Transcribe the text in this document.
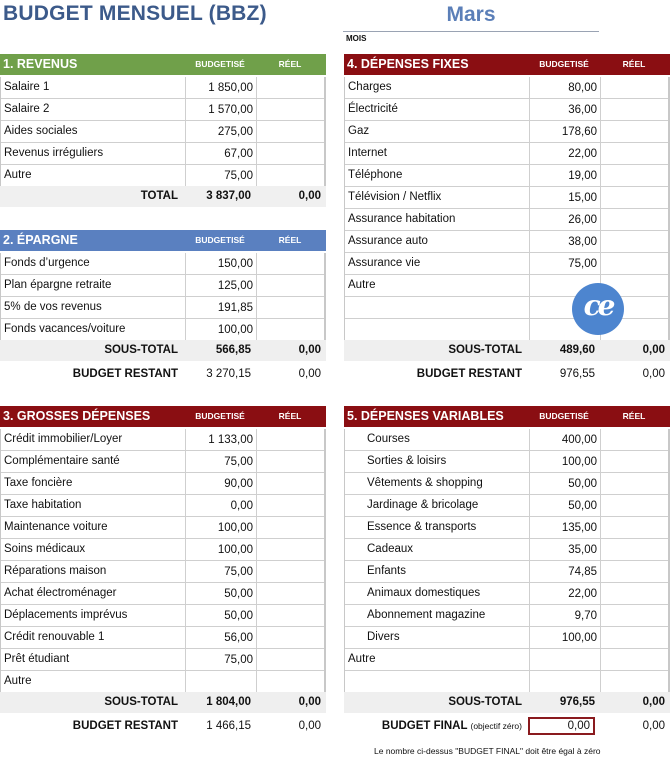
BUDGET MENSUEL (BBZ)	Mars
MOIS
1. REVENUS	BUDGETISÉ	RÉEL
Salaire 1	1 850,00
Salaire 2	1 570,00
Aides sociales	275,00
Revenus irréguliers	67,00
Autre	75,00
TOTAL	3 837,00	0,00
2. ÉPARGNE	BUDGETISÉ	RÉEL
Fonds d’urgence	150,00
Plan épargne retraite	125,00
5% de vos revenus	191,85
Fonds vacances/voiture	100,00
SOUS-TOTAL	566,85	0,00
BUDGET RESTANT	3 270,15	0,00
3. GROSSES DÉPENSES	BUDGETISÉ	RÉEL
Crédit immobilier/Loyer	1 133,00
Complémentaire santé	75,00
Taxe foncière	90,00
Taxe habitation	0,00
Maintenance voiture	100,00
Soins médicaux	100,00
Réparations maison	75,00
Achat électroménager	50,00
Déplacements imprévus	50,00
Crédit renouvable 1	56,00
Prêt étudiant	75,00
Autre
SOUS-TOTAL	1 804,00	0,00
BUDGET RESTANT	1 466,15	0,00
4. DÉPENSES FIXES	BUDGETISÉ	RÉEL
Charges	80,00
Électricité	36,00
Gaz	178,60
Internet	22,00
Téléphone	19,00
Télévision / Netflix	15,00
Assurance habitation	26,00
Assurance auto	38,00
Assurance vie	75,00
Autre
SOUS-TOTAL	489,60	0,00
BUDGET RESTANT	976,55	0,00
ce
5. DÉPENSES VARIABLES	BUDGETISÉ	RÉEL
Courses	400,00
Sorties & loisirs	100,00
Vêtements & shopping	50,00
Jardinage & bricolage	50,00
Essence & transports	135,00
Cadeaux	35,00
Enfants	74,85
Animaux domestiques	22,00
Abonnement magazine	9,70
Divers	100,00
Autre
SOUS-TOTAL	976,55	0,00
BUDGET FINAL (objectif zéro)	0,00	0,00
Le nombre ci-dessus "BUDGET FINAL" doit être égal à zéro
